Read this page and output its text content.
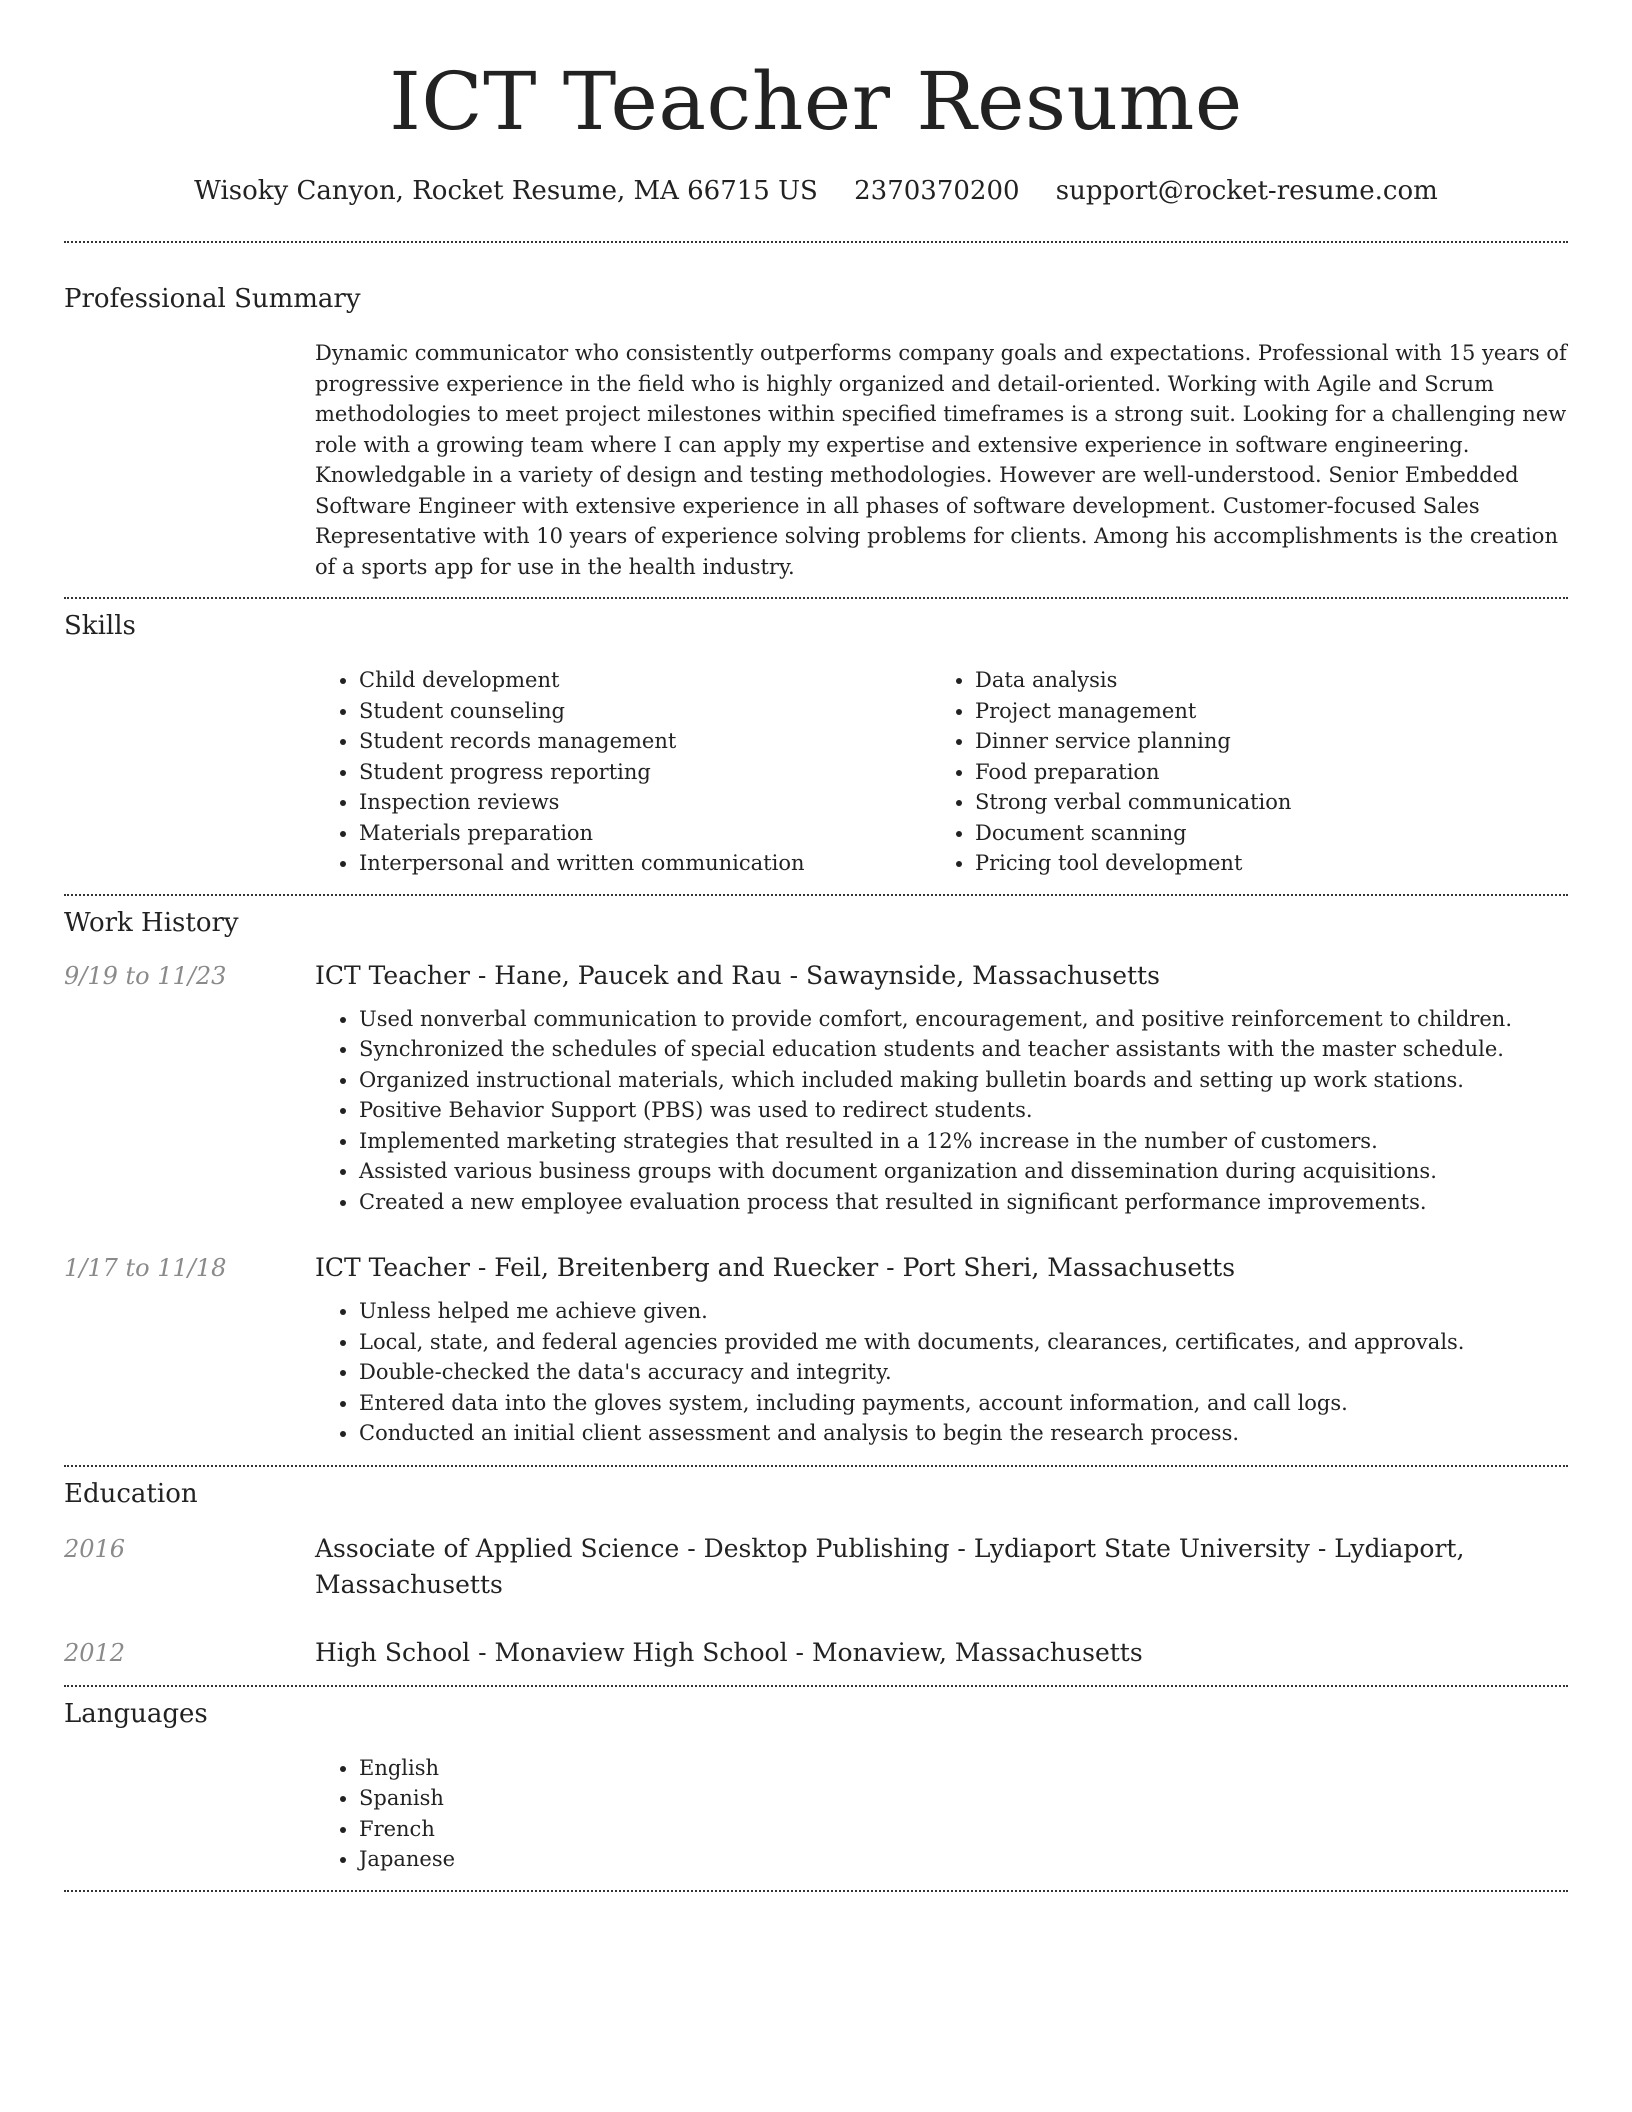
ICT Teacher Resume
Wisoky Canyon, Rocket Resume, MA 66715 US 2370370200 support@rocket-resume.com
Professional Summary

Dynamic communicator who consistently outperforms company goals and expectations. Professional with 15 years of progressive experience in the field who is highly organized and detail-oriented. Working with Agile and Scrum methodologies to meet project milestones within specified timeframes is a strong suit. Looking for a challenging new role with a growing team where I can apply my expertise and extensive experience in software engineering. Knowledgable in a variety of design and testing methodologies. However are well-understood. Senior Embedded Software Engineer with extensive experience in all phases of software development. Customer-focused Sales Representative with 10 years of experience solving problems for clients. Among his accomplishments is the creation of a sports app for use in the health industry.

Skills
• Child development
• Student counseling
• Student records management
• Student progress reporting
• Inspection reviews
• Materials preparation
• Interpersonal and written communication
• Data analysis
• Project management
• Dinner service planning
• Food preparation
• Strong verbal communication
• Document scanning
• Pricing tool development
Work History
9/19 to 11/23	ICT Teacher - Hane, Paucek and Rau - Sawaynside, Massachusetts
• Used nonverbal communication to provide comfort, encouragement, and positive reinforcement to children.
• Synchronized the schedules of special education students and teacher assistants with the master schedule.
• Organized instructional materials, which included making bulletin boards and setting up work stations.
• Positive Behavior Support (PBS) was used to redirect students.
• Implemented marketing strategies that resulted in a 12% increase in the number of customers.
• Assisted various business groups with document organization and dissemination during acquisitions.
• Created a new employee evaluation process that resulted in significant performance improvements.
1/17 to 11/18	ICT Teacher - Feil, Breitenberg and Ruecker - Port Sheri, Massachusetts
• Unless helped me achieve given.
• Local, state, and federal agencies provided me with documents, clearances, certificates, and approvals.
• Double-checked the data's accuracy and integrity.
• Entered data into the gloves system, including payments, account information, and call logs.
• Conducted an initial client assessment and analysis to begin the research process.
Education
2016	Associate of Applied Science - Desktop Publishing - Lydiaport State University - Lydiaport, Massachusetts
2012	High School - Monaview High School - Monaview, Massachusetts
Languages
• English
• Spanish
• French
• Japanese
